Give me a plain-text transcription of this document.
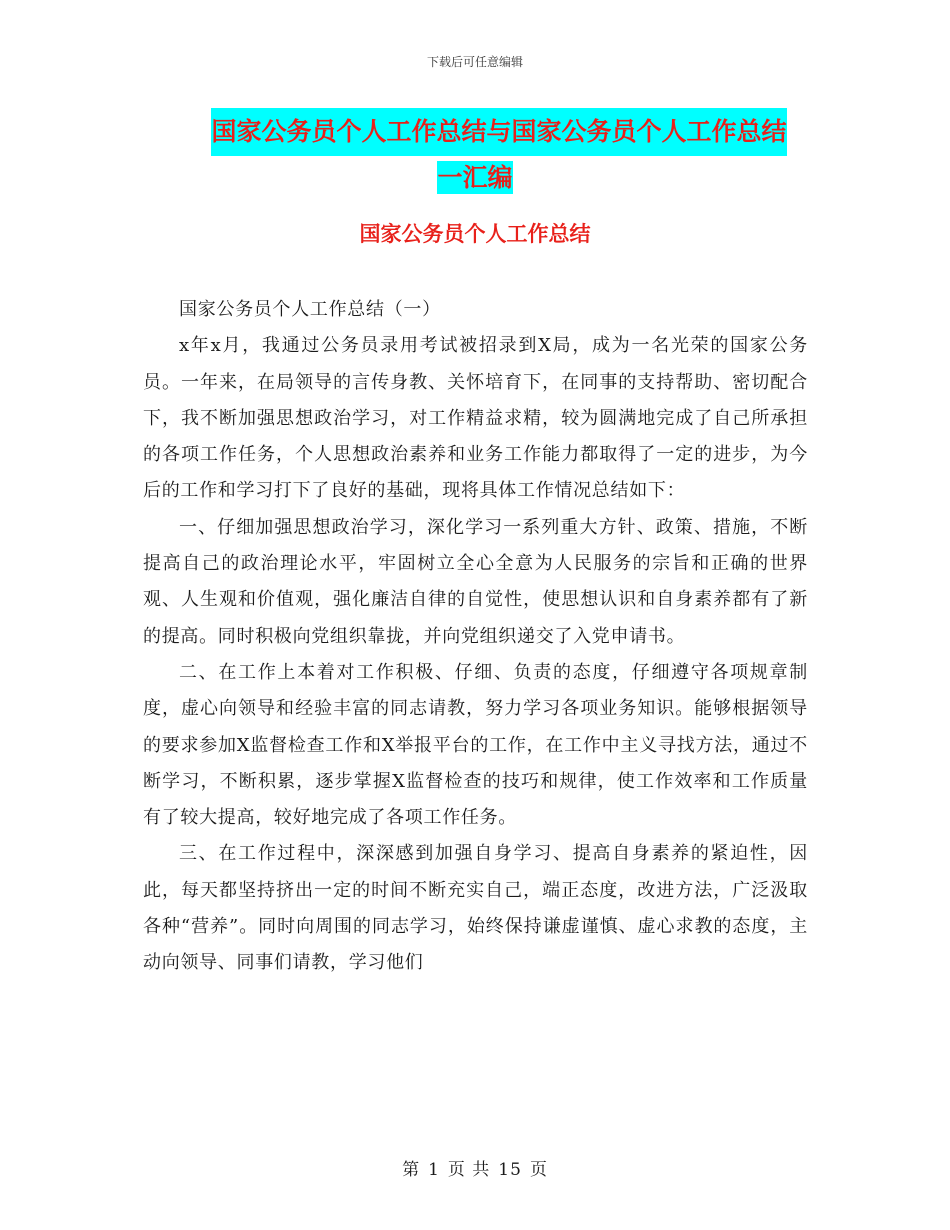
下载后可任意编辑
国家公务员个人工作总结与国家公务员个人工作总结
一汇编
国家公务员个人工作总结

国家公务员个人工作总结（一）

x年x月，我通过公务员录用考试被招录到X局，成为一名光荣的国家公务员。一年来，在局领导的言传身教、关怀培育下，在同事的支持帮助、密切配合下，我不断加强思想政治学习，对工作精益求精，较为圆满地完成了自己所承担的各项工作任务，个人思想政治素养和业务工作能力都取得了一定的进步，为今后的工作和学习打下了良好的基础，现将具体工作情况总结如下：

一、仔细加强思想政治学习，深化学习一系列重大方针、政策、措施，不断提高自己的政治理论水平，牢固树立全心全意为人民服务的宗旨和正确的世界观、人生观和价值观，强化廉洁自律的自觉性，使思想认识和自身素养都有了新的提高。同时积极向党组织靠拢，并向党组织递交了入党申请书。

二、在工作上本着对工作积极、仔细、负责的态度，仔细遵守各项规章制度，虚心向领导和经验丰富的同志请教，努力学习各项业务知识。能够根据领导的要求参加X监督检查工作和X举报平台的工作，在工作中主义寻找方法，通过不断学习，不断积累，逐步掌握X监督检查的技巧和规律，使工作效率和工作质量有了较大提高，较好地完成了各项工作任务。

三、在工作过程中，深深感到加强自身学习、提高自身素养的紧迫性，因此，每天都坚持挤出一定的时间不断充实自己，端正态度，改进方法，广泛汲取各种“营养”。同时向周围的同志学习，始终保持谦虚谨慎、虚心求教的态度，主动向领导、同事们请教，学习他们

第 1 页 共 15 页
